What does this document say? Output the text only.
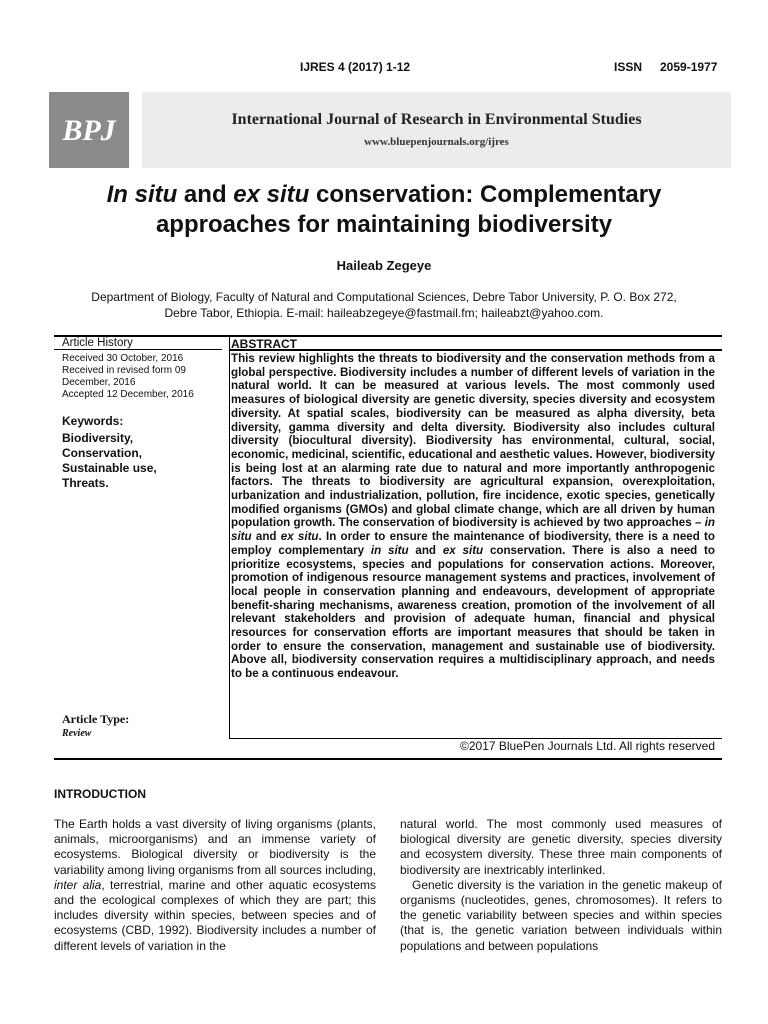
IJRES 4 (2017) 1-12	ISSN 2059-1977
BPJ	International Journal of Research in Environmental Studies
www.bluepenjournals.org/ijres
In situ and ex situ conservation: Complementary
approaches for maintaining biodiversity
Haileab Zegeye
Department of Biology, Faculty of Natural and Computational Sciences, Debre Tabor University, P. O. Box 272,
Debre Tabor, Ethiopia. E-mail: haileabzegeye@fastmail.fm; haileabzt@yahoo.com.
Article History
Received 30 October, 2016
Received in revised form 09 December, 2016
Accepted 12 December, 2016
Keywords:
Biodiversity,
Conservation,
Sustainable use,
Threats.
Article Type:
Review
ABSTRACT
This review highlights the threats to biodiversity and the conservation methods from a global perspective. Biodiversity includes a number of different levels of variation in the natural world. It can be measured at various levels. The most commonly used measures of biological diversity are genetic diversity, species diversity and ecosystem diversity. At spatial scales, biodiversity can be measured as alpha diversity, beta diversity, gamma diversity and delta diversity. Biodiversity also includes cultural diversity (biocultural diversity). Biodiversity has environmental, cultural, social, economic, medicinal, scientific, educational and aesthetic values. However, biodiversity is being lost at an alarming rate due to natural and more importantly anthropogenic factors. The threats to biodiversity are agricultural expansion, overexploitation, urbanization and industrialization, pollution, fire incidence, exotic species, genetically modified organisms (GMOs) and global climate change, which are all driven by human population growth. The conservation of biodiversity is achieved by two approaches – in situ and ex situ. In order to ensure the maintenance of biodiversity, there is a need to employ complementary in situ and ex situ conservation. There is also a need to prioritize ecosystems, species and populations for conservation actions. Moreover, promotion of indigenous resource management systems and practices, involvement of local people in conservation planning and endeavours, development of appropriate benefit-sharing mechanisms, awareness creation, promotion of the involvement of all relevant stakeholders and provision of adequate human, financial and physical resources for conservation efforts are important measures that should be taken in order to ensure the conservation, management and sustainable use of biodiversity. Above all, biodiversity conservation requires a multidisciplinary approach, and needs to be a continuous endeavour.
©2017 BluePen Journals Ltd. All rights reserved
INTRODUCTION
The Earth holds a vast diversity of living organisms (plants, animals, microorganisms) and an immense variety of ecosystems. Biological diversity or biodiversity is the variability among living organisms from all sources including, inter alia, terrestrial, marine and other aquatic ecosystems and the ecological complexes of which they are part; this includes diversity within species, between species and of ecosystems (CBD, 1992). Biodiversity includes a number of different levels of variation in the
natural world. The most commonly used measures of biological diversity are genetic diversity, species diversity and ecosystem diversity. These three main components of biodiversity are inextricably interlinked.
Genetic diversity is the variation in the genetic makeup of organisms (nucleotides, genes, chromosomes). It refers to the genetic variability between species and within species (that is, the genetic variation between individuals within populations and between populations
